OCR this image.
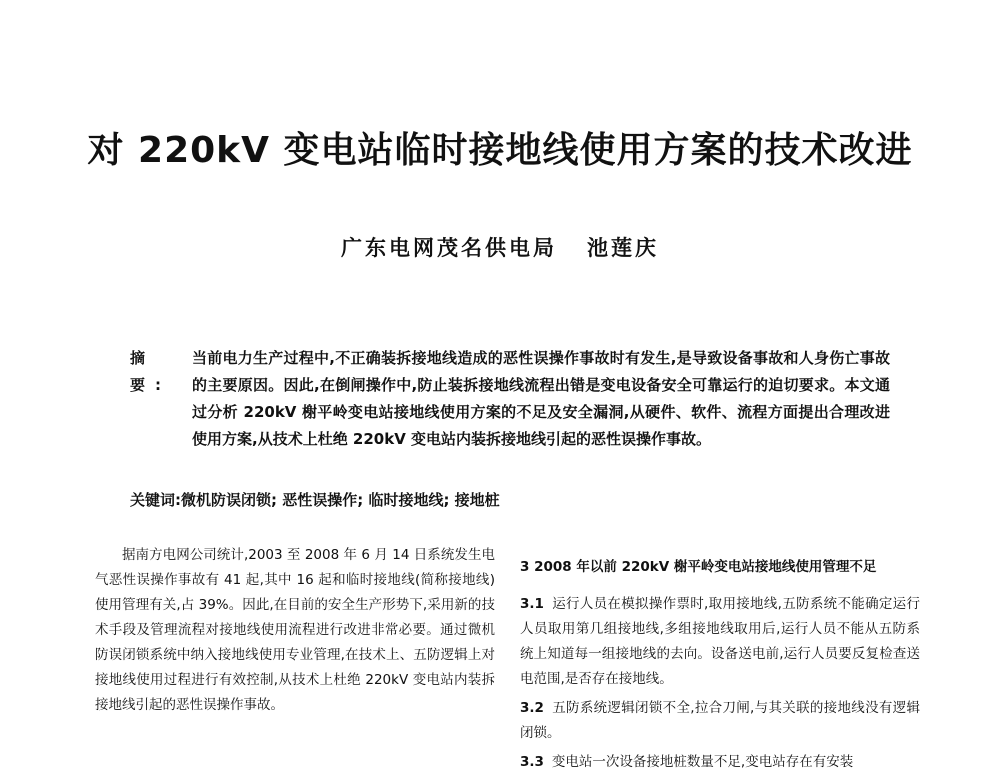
对 220kV 变电站临时接地线使用方案的技术改进
广东电网茂名供电局 池莲庆
摘 要:
当前电力生产过程中,不正确装拆接地线造成的恶性误操作事故时有发生,是导致设备事故和人身伤亡事故的主要原因。因此,在倒闸操作中,防止装拆接地线流程出错是变电设备安全可靠运行的迫切要求。本文通过分析 220kV 榭平岭变电站接地线使用方案的不足及安全漏洞,从硬件、软件、流程方面提出合理改进使用方案,从技术上杜绝 220kV 变电站内装拆接地线引起的恶性误操作事故。
关键词:微机防误闭锁; 恶性误操作; 临时接地线; 接地桩
据南方电网公司统计,2003 至 2008 年 6 月 14 日系统发生电气恶性误操作事故有 41 起,其中 16 起和临时接地线(简称接地线)使用管理有关,占 39%。因此,在目前的安全生产形势下,采用新的技术手段及管理流程对接地线使用流程进行改进非常必要。通过微机防误闭锁系统中纳入接地线使用专业管理,在技术上、五防逻辑上对接地线使用过程进行有效控制,从技术上杜绝 220kV 变电站内装拆接地线引起的恶性误操作事故。
3 2008 年以前 220kV 榭平岭变电站接地线使用管理不足
3.1 运行人员在模拟操作票时,取用接地线,五防系统不能确定运行人员取用第几组接地线,多组接地线取用后,运行人员不能从五防系统上知道每一组接地线的去向。设备送电前,运行人员要反复检查送电范围,是否存在接地线。
3.2 五防系统逻辑闭锁不全,拉合刀闸,与其关联的接地线没有逻辑闭锁。
3.3 变电站一次设备接地桩数量不足,变电站存在有安装
